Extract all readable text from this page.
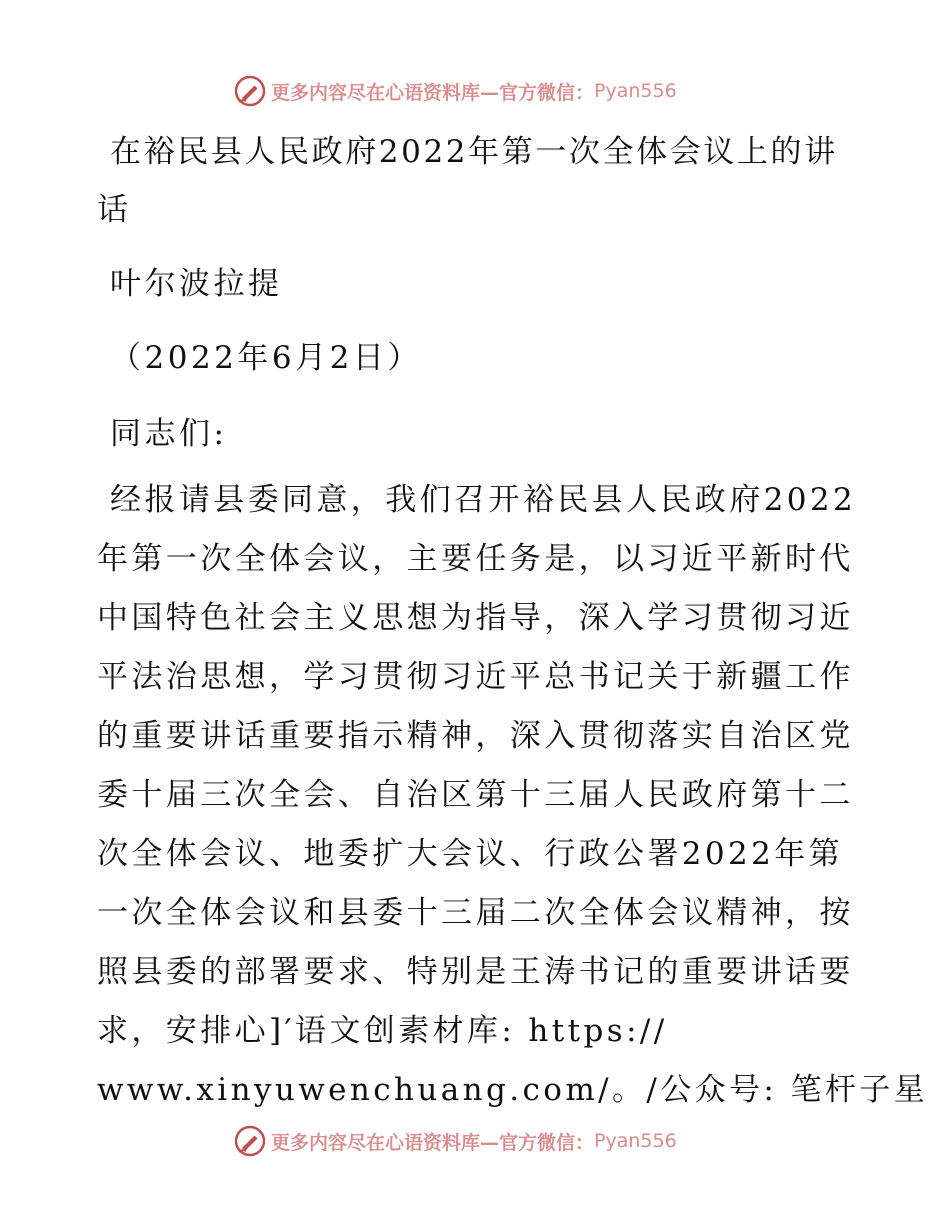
更多内容尽在心语资料库—官方微信： Pyan556
在裕民县人民政府2022年第一次全体会议上的讲
话
叶尔波拉提
（2022年6月2日）
同志们:
经报请县委同意，我们召开裕民县人民政府2022
年第一次全体会议，主要任务是，以习近平新时代
中国特色社会主义思想为指导，深入学习贯彻习近
平法治思想，学习贯彻习近平总书记关于新疆工作
的重要讲话重要指示精神，深入贯彻落实自治区党
委十届三次全会、自治区第十三届人民政府第十二
次全体会议、地委扩大会议、行政公署2022年第
一次全体会议和县委十三届二次全体会议精神，按
照县委的部署要求、特别是王涛书记的重要讲话要
求，安排心]′语文创素材库: https://
www.xinyuwenchuang.com/。/公众号: 笔杆子星
更多内容尽在心语资料库—官方微信： Pyan556
